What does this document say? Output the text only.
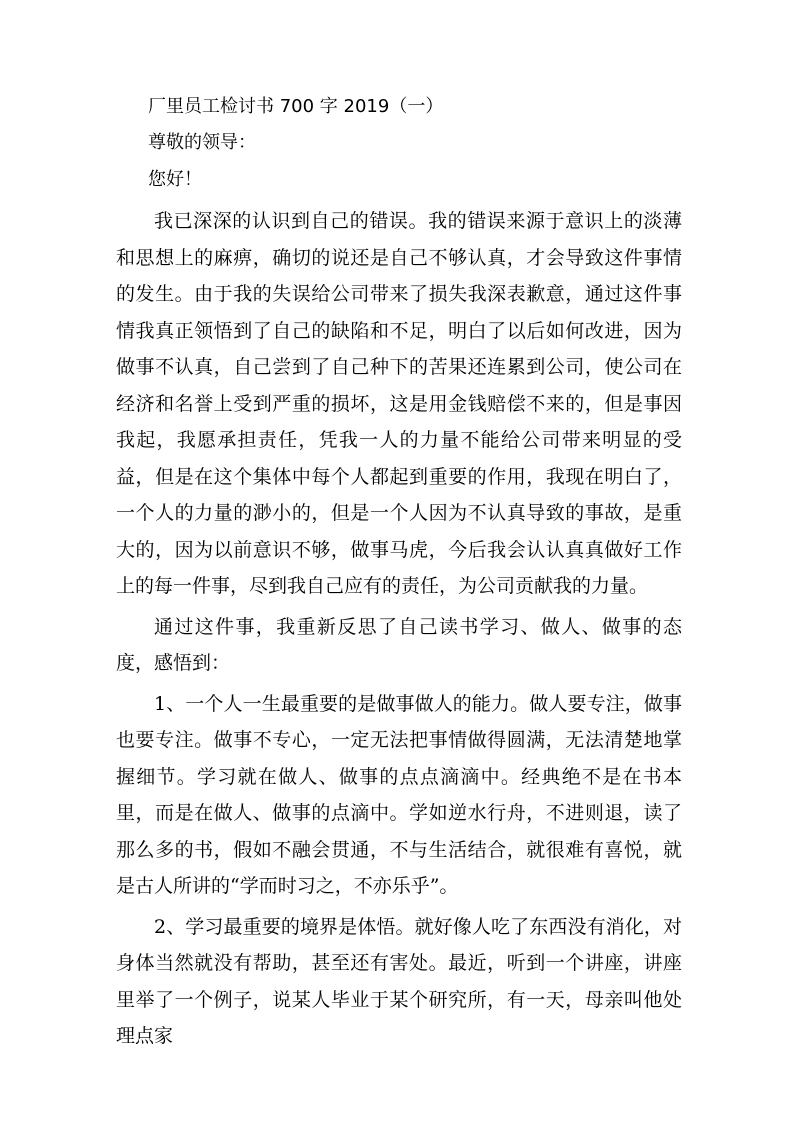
厂里员工检讨书 700 字 2019（一）
尊敬的领导：
您好！

我已深深的认识到自己的错误。我的错误来源于意识上的淡薄和思想上的麻痹，确切的说还是自己不够认真，才会导致这件事情的发生。由于我的失误给公司带来了损失我深表歉意，通过这件事情我真正领悟到了自己的缺陷和不足，明白了以后如何改进，因为做事不认真，自己尝到了自己种下的苦果还连累到公司，使公司在经济和名誉上受到严重的损坏，这是用金钱赔偿不来的，但是事因我起，我愿承担责任，凭我一人的力量不能给公司带来明显的受益，但是在这个集体中每个人都起到重要的作用，我现在明白了，一个人的力量的渺小的，但是一个人因为不认真导致的事故，是重大的，因为以前意识不够，做事马虎，今后我会认认真真做好工作上的每一件事，尽到我自己应有的责任，为公司贡献我的力量。

通过这件事，我重新反思了自己读书学习、做人、做事的态度，感悟到：

1、一个人一生最重要的是做事做人的能力。做人要专注，做事也要专注。做事不专心，一定无法把事情做得圆满，无法清楚地掌握细节。学习就在做人、做事的点点滴滴中。经典绝不是在书本里，而是在做人、做事的点滴中。学如逆水行舟，不进则退，读了那么多的书，假如不融会贯通，不与生活结合，就很难有喜悦，就是古人所讲的“学而时习之，不亦乐乎”。

2、学习最重要的境界是体悟。就好像人吃了东西没有消化，对身体当然就没有帮助，甚至还有害处。最近，听到一个讲座，讲座里举了一个例子，说某人毕业于某个研究所，有一天，母亲叫他处理点家
